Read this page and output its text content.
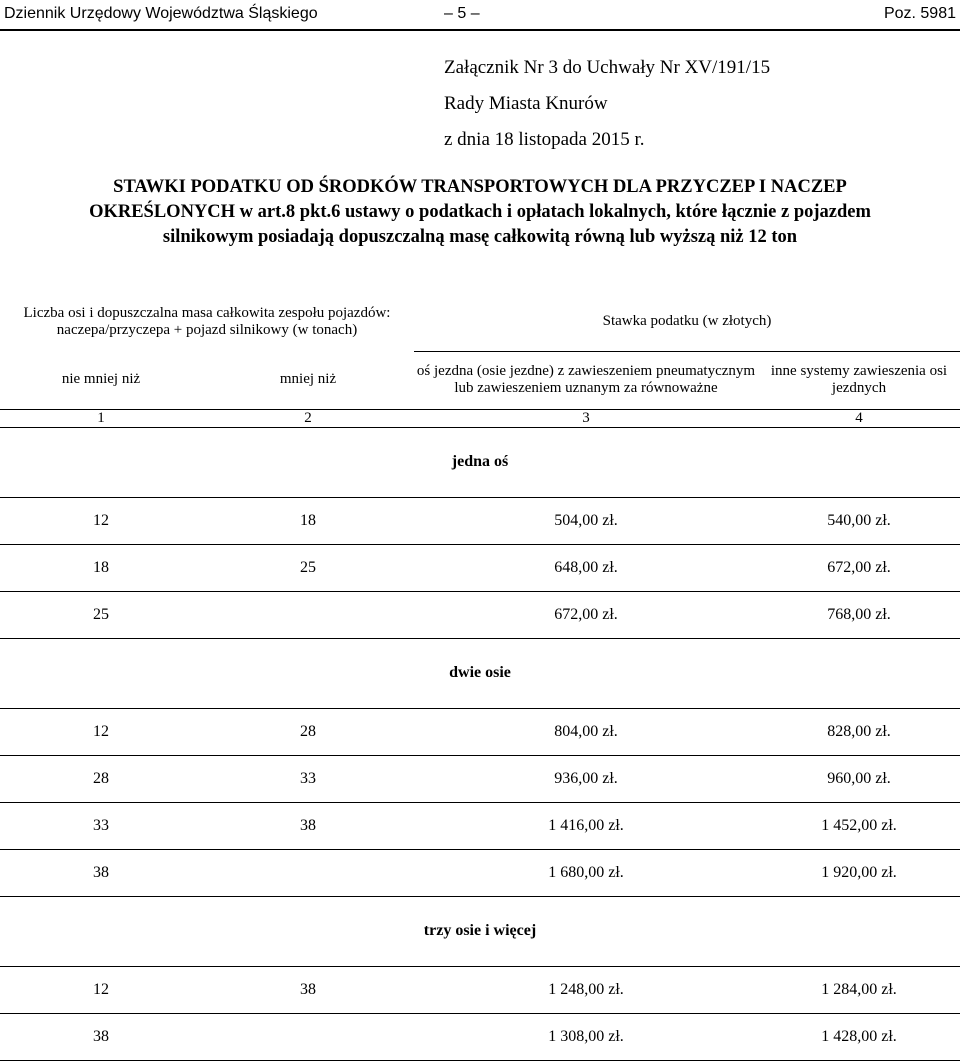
Dziennik Urzędowy Województwa Śląskiego	– 5 –	Poz. 5981
Załącznik Nr 3 do Uchwały Nr XV/191/15
Rady Miasta Knurów
z dnia 18 listopada 2015 r.
STAWKI PODATKU OD ŚRODKÓW TRANSPORTOWYCH DLA PRZYCZEP I NACZEP
OKREŚLONYCH w art.8 pkt.6 ustawy o podatkach i opłatach lokalnych, które łącznie z pojazdem
silnikowym posiadają dopuszczalną masę całkowitą równą lub wyższą niż 12 ton
Liczba osi i dopuszczalna masa całkowita zespołu pojazdów: naczepa/przyczepa + pojazd silnikowy (w tonach)		Stawka podatku (w złotych)	
nie mniej niż	mniej niż	oś jezdna (osie jezdne) z zawieszeniem pneumatycznym lub zawieszeniem uznanym za równoważne	inne systemy zawieszenia osi jezdnych
1	2	3	4
jedna oś			
12	18	504,00 zł.	540,00 zł.
18	25	648,00 zł.	672,00 zł.
25		672,00 zł.	768,00 zł.
dwie osie			
12	28	804,00 zł.	828,00 zł.
28	33	936,00 zł.	960,00 zł.
33	38	1 416,00 zł.	1 452,00 zł.
38		1 680,00 zł.	1 920,00 zł.
trzy osie i więcej			
12	38	1 248,00 zł.	1 284,00 zł.
38		1 308,00 zł.	1 428,00 zł.
